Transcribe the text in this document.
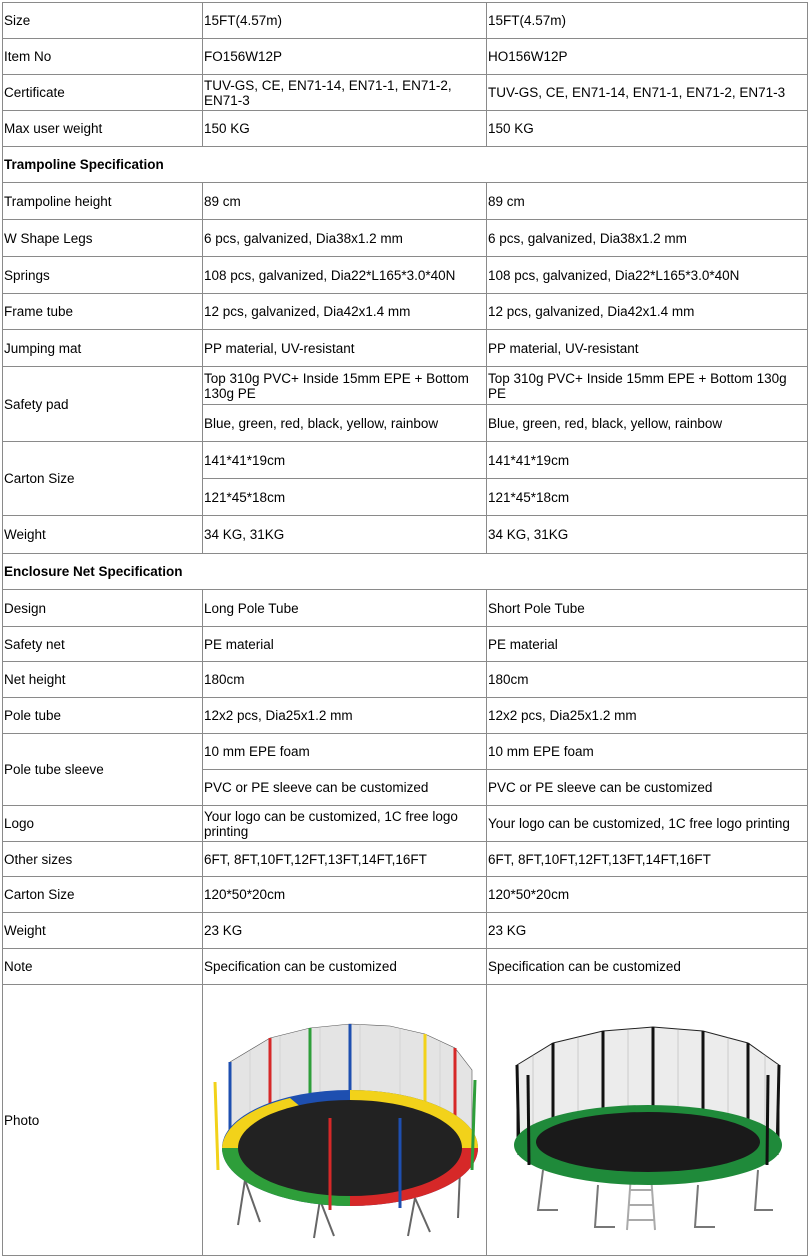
Size	15FT(4.57m)	15FT(4.57m)
Item No	FO156W12P	HO156W12P
Certificate	TUV-GS, CE, EN71-14, EN71-1, EN71-2, EN71-3	TUV-GS, CE, EN71-14, EN71-1, EN71-2, EN71-3
Max user weight	150 KG	150 KG
Trampoline Specification		
Trampoline height	89 cm	89 cm
W Shape Legs	6 pcs, galvanized, Dia38x1.2 mm	6 pcs, galvanized, Dia38x1.2 mm
Springs	108 pcs, galvanized, Dia22*L165*3.0*40N	108 pcs, galvanized, Dia22*L165*3.0*40N
Frame tube	12 pcs, galvanized, Dia42x1.4 mm	12 pcs, galvanized, Dia42x1.4 mm
Jumping mat	PP material, UV-resistant	PP material, UV-resistant
Safety pad	Top 310g PVC+ Inside 15mm EPE + Bottom 130g PE	Top 310g PVC+ Inside 15mm EPE + Bottom 130g PE
	Blue, green, red, black, yellow, rainbow	Blue, green, red, black, yellow, rainbow
Carton Size	141*41*19cm	141*41*19cm
	121*45*18cm	121*45*18cm
Weight	34 KG, 31KG	34 KG, 31KG
Enclosure Net Specification		
Design	Long Pole Tube	Short Pole Tube
Safety net	PE material	PE material
Net height	180cm	180cm
Pole tube	12x2 pcs, Dia25x1.2 mm	12x2 pcs, Dia25x1.2 mm
Pole tube sleeve	10 mm EPE foam	10 mm EPE foam
	PVC or PE sleeve can be customized	PVC or PE sleeve can be customized
Logo	Your logo can be customized, 1C free logo printing	Your logo can be customized, 1C free logo printing
Other sizes	6FT, 8FT,10FT,12FT,13FT,14FT,16FT	6FT, 8FT,10FT,12FT,13FT,14FT,16FT
Carton Size	120*50*20cm	120*50*20cm
Weight	23 KG	23 KG
Note	Specification can be customized	Specification can be customized
Photo	
